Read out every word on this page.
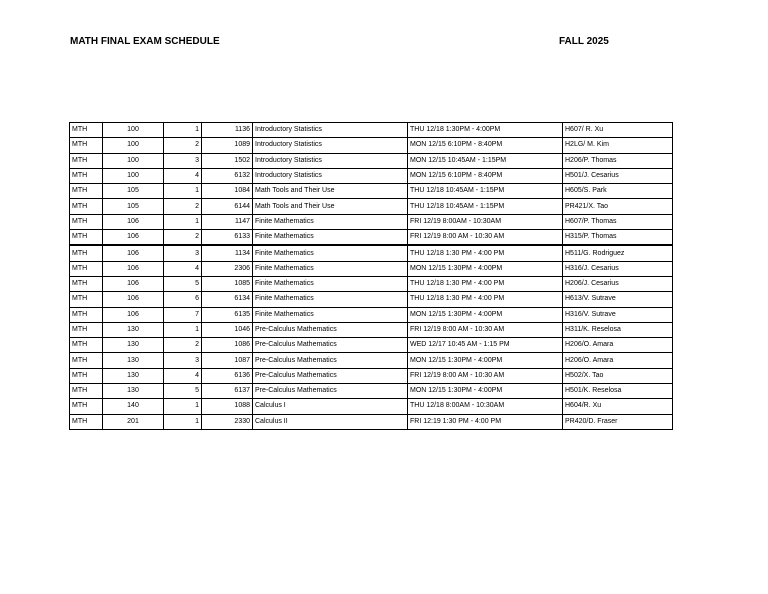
MATH FINAL EXAM SCHEDULE	FALL 2025
MTH	100	1	1136	Introductory Statistics	THU 12/18 1:30PM - 4:00PM	H607/ R. Xu
MTH	100	2	1089	Introductory Statistics	MON 12/15 6:10PM - 8:40PM	H2LG/ M. Kim
MTH	100	3	1502	Introductory Statistics	MON 12/15 10:45AM - 1:15PM	H206/P. Thomas
MTH	100	4	6132	Introductory Statistics	MON 12/15 6:10PM - 8:40PM	H501/J. Cesarius
MTH	105	1	1084	Math Tools and Their Use	THU 12/18 10:45AM - 1:15PM	H605/S. Park
MTH	105	2	6144	Math Tools and Their Use	THU 12/18 10:45AM - 1:15PM	PR421/X. Tao
MTH	106	1	1147	Finite Mathematics	FRI 12/19 8:00AM - 10:30AM	H607/P. Thomas
MTH	106	2	6133	Finite Mathematics	FRI 12/19 8:00 AM - 10:30 AM	H315/P. Thomas
MTH	106	3	1134	Finite Mathematics	THU 12/18 1:30 PM - 4:00 PM	H511/G. Rodriguez
MTH	106	4	2306	Finite Mathematics	MON 12/15 1:30PM - 4:00PM	H316/J. Cesarius
MTH	106	5	1085	Finite Mathematics	THU 12/18 1:30 PM - 4:00 PM	H206/J. Cesarius
MTH	106	6	6134	Finite Mathematics	THU 12/18 1:30 PM - 4:00 PM	H613/V. Sutrave
MTH	106	7	6135	Finite Mathematics	MON 12/15 1:30PM - 4:00PM	H316/V. Sutrave
MTH	130	1	1046	Pre-Calculus Mathematics	FRI 12/19 8:00 AM - 10:30 AM	H311/K. Reselosa
MTH	130	2	1086	Pre-Calculus Mathematics	WED 12/17 10:45 AM - 1:15 PM	H206/O. Amara
MTH	130	3	1087	Pre-Calculus Mathematics	MON 12/15 1:30PM - 4:00PM	H206/O. Amara
MTH	130	4	6136	Pre-Calculus Mathematics	FRI 12/19 8:00 AM - 10:30 AM	H502/X. Tao
MTH	130	5	6137	Pre-Calculus Mathematics	MON 12/15 1:30PM - 4:00PM	H501/K. Reselosa
MTH	140	1	1088	Calculus I	THU 12/18 8:00AM - 10:30AM	H604/R. Xu
MTH	201	1	2330	Calculus II	FRI 12:19 1:30 PM - 4:00 PM	PR420/D. Fraser
